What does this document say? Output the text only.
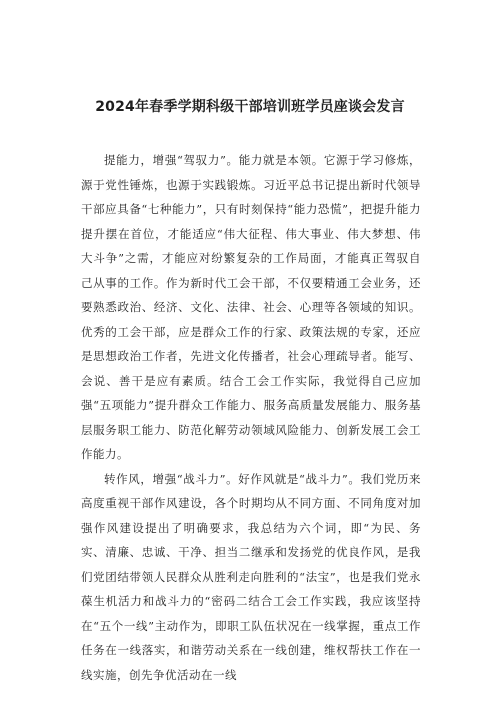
2024年春季学期科级干部培训班学员座谈会发言

提能力，增强“驾驭力”。能力就是本领。它源于学习修炼，源于党性锤炼，也源于实践锻炼。习近平总书记提出新时代领导干部应具备“七种能力”，只有时刻保持“能力恐慌”，把提升能力提升摆在首位，才能适应“伟大征程、伟大事业、伟大梦想、伟大斗争”之需，才能应对纷繁复杂的工作局面，才能真正驾驭自己从事的工作。作为新时代工会干部，不仅要精通工会业务，还要熟悉政治、经济、文化、法律、社会、心理等各领域的知识。优秀的工会干部，应是群众工作的行家、政策法规的专家，还应是思想政治工作者，先进文化传播者，社会心理疏导者。能写、会说、善干是应有素质。结合工会工作实际，我觉得自己应加强“五项能力”提升群众工作能力、服务高质量发展能力、服务基层服务职工能力、防范化解劳动领域风险能力、创新发展工会工作能力。

转作风，增强“战斗力”。好作风就是“战斗力”。我们党历来高度重视干部作风建设，各个时期均从不同方面、不同角度对加强作风建设提出了明确要求，我总结为六个词，即“为民、务实、清廉、忠诚、干净、担当二继承和发扬党的优良作风，是我们党团结带领人民群众从胜利走向胜利的“法宝”，也是我们党永葆生机活力和战斗力的“密码二结合工会工作实践，我应该坚持在“五个一线”主动作为，即职工队伍状况在一线掌握，重点工作任务在一线落实，和谐劳动关系在一线创建，维权帮扶工作在一线实施，创先争优活动在一线
